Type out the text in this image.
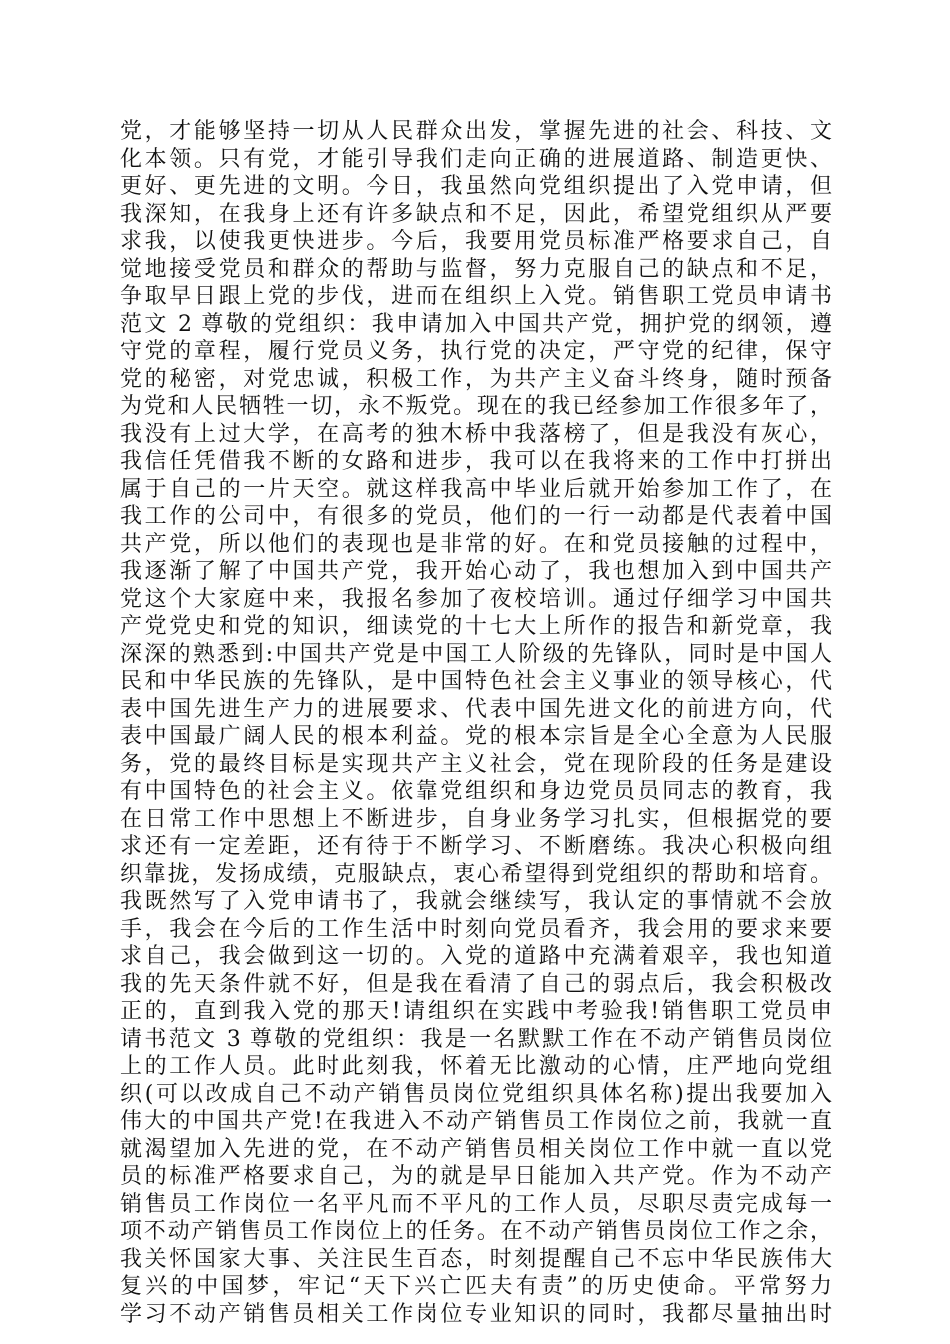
党，才能够坚持一切从人民群众出发，掌握先进的社会、科技、文
化本领。只有党，才能引导我们走向正确的进展道路、制造更快、
更好、更先进的文明。今日，我虽然向党组织提出了入党申请，但
我深知，在我身上还有许多缺点和不足，因此，希望党组织从严要
求我，以使我更快进步。今后，我要用党员标准严格要求自己，自
觉地接受党员和群众的帮助与监督，努力克服自己的缺点和不足，
争取早日跟上党的步伐，进而在组织上入党。销售职工党员申请书
范文 2 尊敬的党组织：我申请加入中国共产党，拥护党的纲领，遵
守党的章程，履行党员义务，执行党的决定，严守党的纪律，保守
党的秘密，对党忠诚，积极工作，为共产主义奋斗终身，随时预备
为党和人民牺牲一切，永不叛党。现在的我已经参加工作很多年了，
我没有上过大学，在高考的独木桥中我落榜了，但是我没有灰心，
我信任凭借我不断的女路和进步，我可以在我将来的工作中打拼出
属于自己的一片天空。就这样我高中毕业后就开始参加工作了，在
我工作的公司中，有很多的党员，他们的一行一动都是代表着中国
共产党，所以他们的表现也是非常的好。在和党员接触的过程中，
我逐渐了解了中国共产党，我开始心动了，我也想加入到中国共产
党这个大家庭中来，我报名参加了夜校培训。通过仔细学习中国共
产党党史和党的知识，细读党的十七大上所作的报告和新党章，我
深深的熟悉到:中国共产党是中国工人阶级的先锋队，同时是中国人
民和中华民族的先锋队，是中国特色社会主义事业的领导核心，代
表中国先进生产力的进展要求、代表中国先进文化的前进方向，代
表中国最广阔人民的根本利益。党的根本宗旨是全心全意为人民服
务，党的最终目标是实现共产主义社会，党在现阶段的任务是建设
有中国特色的社会主义。依靠党组织和身边党员员同志的教育，我
在日常工作中思想上不断进步，自身业务学习扎实，但根据党的要
求还有一定差距，还有待于不断学习、不断磨练。我决心积极向组
织靠拢，发扬成绩，克服缺点，衷心希望得到党组织的帮助和培育。
我既然写了入党申请书了，我就会继续写，我认定的事情就不会放
手，我会在今后的工作生活中时刻向党员看齐，我会用的要求来要
求自己，我会做到这一切的。入党的道路中充满着艰辛，我也知道
我的先天条件就不好，但是我在看清了自己的弱点后，我会积极改
正的，直到我入党的那天!请组织在实践中考验我!销售职工党员申
请书范文 3 尊敬的党组织：我是一名默默工作在不动产销售员岗位
上的工作人员。此时此刻我，怀着无比激动的心情，庄严地向党组
织(可以改成自己不动产销售员岗位党组织具体名称)提出我要加入
伟大的中国共产党!在我进入不动产销售员工作岗位之前，我就一直
就渴望加入先进的党，在不动产销售员相关岗位工作中就一直以党
员的标准严格要求自己，为的就是早日能加入共产党。作为不动产
销售员工作岗位一名平凡而不平凡的工作人员，尽职尽责完成每一
项不动产销售员工作岗位上的任务。在不动产销售员岗位工作之余，
我关怀国家大事、关注民生百态，时刻提醒自己不忘中华民族伟大
复兴的中国梦，牢记“天下兴亡匹夫有责”的历史使命。平常努力
学习不动产销售员相关工作岗位专业知识的同时，我都尽量抽出时
